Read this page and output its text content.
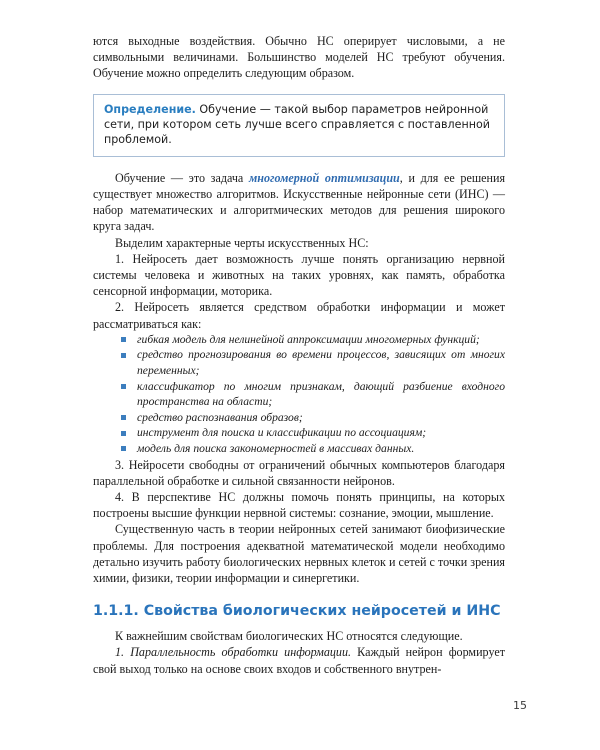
ются выходные воздействия. Обычно НС оперирует числовыми, а не символьными величинами. Большинство моделей НС требуют обучения. Обучение можно определить следующим образом.

Определение. Обучение — такой выбор параметров нейронной сети, при котором сеть лучше всего справляется с поставленной проблемой.

Обучение — это задача многомерной оптимизации, и для ее решения существует множество алгоритмов. Искусственные нейронные сети (ИНС) — набор математических и алгоритмических методов для решения широкого круга задач.

Выделим характерные черты искусственных НС:

1. Нейросеть дает возможность лучше понять организацию нервной системы человека и животных на таких уровнях, как память, обработка сенсорной информации, моторика.

2. Нейросеть является средством обработки информации и может рассматриваться как:

гибкая модель для нелинейной аппроксимации многомерных функций;
средство прогнозирования во времени процессов, зависящих от многих переменных;
классификатор по многим признакам, дающий разбиение входного пространства на области;
средство распознавания образов;
инструмент для поиска и классификации по ассоциациям;
модель для поиска закономерностей в массивах данных.

3. Нейросети свободны от ограничений обычных компьютеров благодаря параллельной обработке и сильной связанности нейронов.

4. В перспективе НС должны помочь понять принципы, на которых построены высшие функции нервной системы: сознание, эмоции, мышление.

Существенную часть в теории нейронных сетей занимают биофизические проблемы. Для построения адекватной математической модели необходимо детально изучить работу биологических нервных клеток и сетей с точки зрения химии, физики, теории информации и синергетики.

1.1.1. Свойства биологических нейросетей и ИНС

К важнейшим свойствам биологических НС относятся следующие.

1. Параллельность обработки информации. Каждый нейрон формирует свой выход только на основе своих входов и собственного внутрен-

15
